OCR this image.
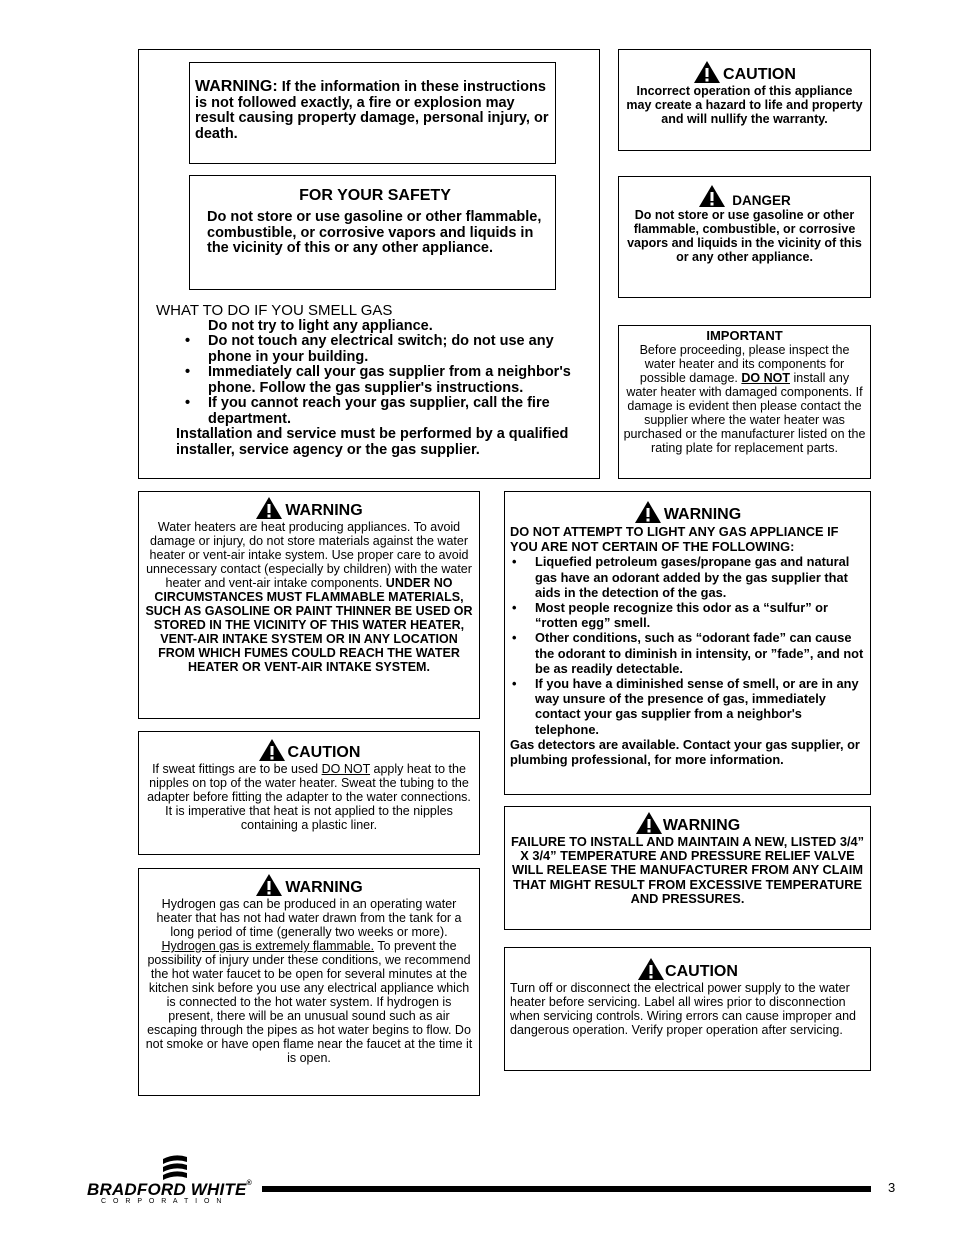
WARNING: If the information in these instructions is not followed exactly, a fire or explosion may result causing property damage, personal injury, or death.
FOR YOUR SAFETY

Do not store or use gasoline or other flammable, combustible, or corrosive vapors and liquids in the vicinity of this or any other appliance.

WHAT TO DO IF YOU SMELL GAS
Do not try to light any appliance.
• Do not touch any electrical switch; do not use any phone in your building.
• Immediately call your gas supplier from a neighbor's phone. Follow the gas supplier's instructions.
• If you cannot reach your gas supplier, call the fire department.
Installation and service must be performed by a qualified installer, service agency or the gas supplier.
CAUTION

Incorrect operation of this appliance may create a hazard to life and property and will nullify the warranty.

DANGER

Do not store or use gasoline or other flammable, combustible, or corrosive vapors and liquids in the vicinity of this or any other appliance.

IMPORTANT

Before proceeding, please inspect the water heater and its components for possible damage. DO NOT install any water heater with damaged components. If damage is evident then please contact the supplier where the water heater was purchased or the manufacturer listed on the rating plate for replacement parts.

WARNING

Water heaters are heat producing appliances. To avoid damage or injury, do not store materials against the water heater or vent-air intake system. Use proper care to avoid unnecessary contact (especially by children) with the water heater and vent-air intake components. UNDER NO CIRCUMSTANCES MUST FLAMMABLE MATERIALS, SUCH AS GASOLINE OR PAINT THINNER BE USED OR STORED IN THE VICINITY OF THIS WATER HEATER, VENT-AIR INTAKE SYSTEM OR IN ANY LOCATION FROM WHICH FUMES COULD REACH THE WATER HEATER OR VENT-AIR INTAKE SYSTEM.

CAUTION

If sweat fittings are to be used DO NOT apply heat to the nipples on top of the water heater. Sweat the tubing to the adapter before fitting the adapter to the water connections. It is imperative that heat is not applied to the nipples containing a plastic liner.

WARNING

Hydrogen gas can be produced in an operating water heater that has not had water drawn from the tank for a long period of time (generally two weeks or more). Hydrogen gas is extremely flammable. To prevent the possibility of injury under these conditions, we recommend the hot water faucet to be open for several minutes at the kitchen sink before you use any electrical appliance which is connected to the hot water system. If hydrogen is present, there will be an unusual sound such as air escaping through the pipes as hot water begins to flow. Do not smoke or have open flame near the faucet at the time it is open.

WARNING
DO NOT ATTEMPT TO LIGHT ANY GAS APPLIANCE IF YOU ARE NOT CERTAIN OF THE FOLLOWING:
• Liquefied petroleum gases/propane gas and natural gas have an odorant added by the gas supplier that aids in the detection of the gas.
• Most people recognize this odor as a “sulfur” or “rotten egg” smell.
• Other conditions, such as “odorant fade” can cause the odorant to diminish in intensity, or ”fade”, and not be as readily detectable.
• If you have a diminished sense of smell, or are in any way unsure of the presence of gas, immediately contact your gas supplier from a neighbor's telephone.
Gas detectors are available. Contact your gas supplier, or plumbing professional, for more information.
WARNING

FAILURE TO INSTALL AND MAINTAIN A NEW, LISTED 3/4” X 3/4” TEMPERATURE AND PRESSURE RELIEF VALVE WILL RELEASE THE MANUFACTURER FROM ANY CLAIM THAT MIGHT RESULT FROM EXCESSIVE TEMPERATURE AND PRESSURES.

CAUTION

Turn off or disconnect the electrical power supply to the water heater before servicing. Label all wires prior to disconnection when servicing controls. Wiring errors can cause improper and dangerous operation. Verify proper operation after servicing.

BRADFORD WHITE®
C O R P O R A T I O N
3
